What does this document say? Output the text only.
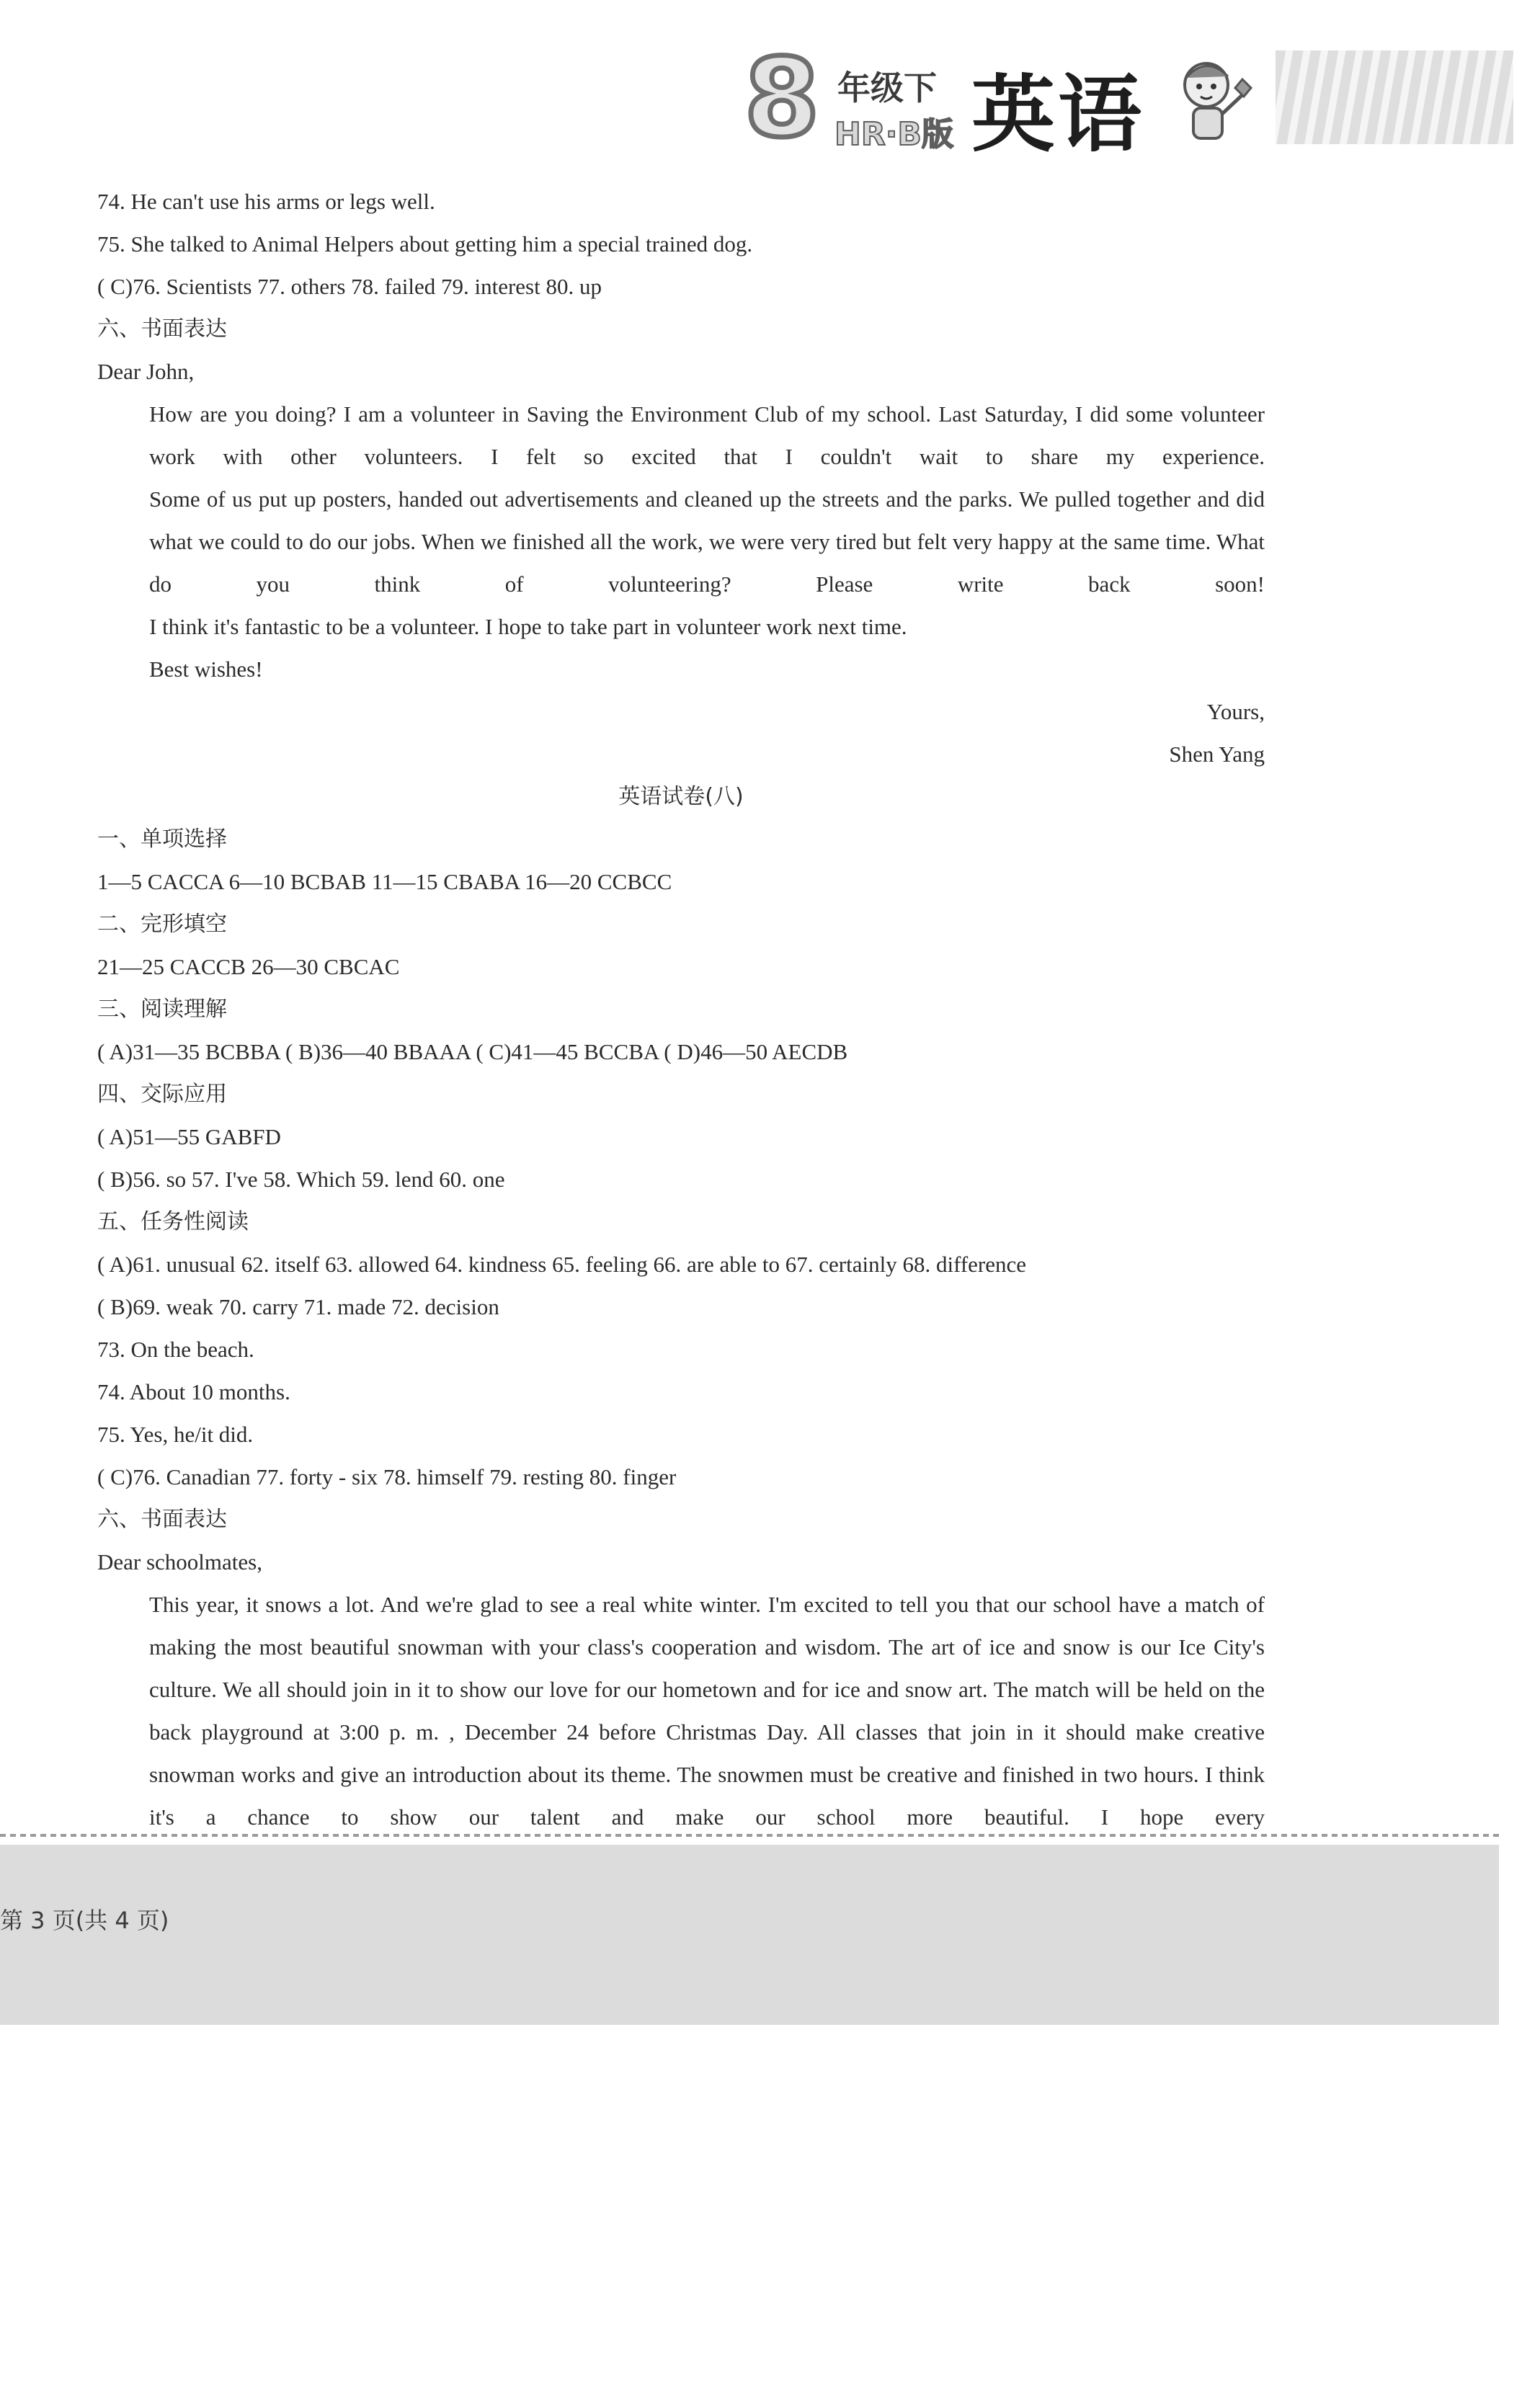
8 年级下
HR·B版 英语
74. He can't use his arms or legs well.
75. She talked to Animal Helpers about getting him a special trained dog.
( C)76. Scientists 77. others 78. failed 79. interest 80. up
六、书面表达
Dear John,
How are you doing? I am a volunteer in Saving the Environment Club of my school. Last Saturday, I did some volunteer work with other volunteers. I felt so excited that I couldn't wait to share my experience.
Some of us put up posters, handed out advertisements and cleaned up the streets and the parks. We pulled together and did what we could to do our jobs. When we finished all the work, we were very tired but felt very happy at the same time. What do you think of volunteering? Please write back soon!
I think it's fantastic to be a volunteer. I hope to take part in volunteer work next time.
Best wishes!
Yours,
Shen Yang
英语试卷(八)
一、单项选择
1—5 CACCA 6—10 BCBAB 11—15 CBABA 16—20 CCBCC
二、完形填空
21—25 CACCB 26—30 CBCAC
三、阅读理解
( A)31—35 BCBBA ( B)36—40 BBAAA ( C)41—45 BCCBA ( D)46—50 AECDB
四、交际应用
( A)51—55 GABFD
( B)56. so 57. I've 58. Which 59. lend 60. one
五、任务性阅读
( A)61. unusual 62. itself 63. allowed 64. kindness 65. feeling 66. are able to 67. certainly 68. difference
( B)69. weak 70. carry 71. made 72. decision
73. On the beach.
74. About 10 months.
75. Yes, he/it did.
( C)76. Canadian 77. forty - six 78. himself 79. resting 80. finger
六、书面表达
Dear schoolmates,
This year, it snows a lot. And we're glad to see a real white winter. I'm excited to tell you that our school have a match of making the most beautiful snowman with your class's cooperation and wisdom. The art of ice and snow is our Ice City's culture. We all should join in it to show our love for our hometown and for ice and snow art. The match will be held on the back playground at 3:00 p. m. , December 24 before Christmas Day. All classes that join in it should make creative snowman works and give an introduction about its theme. The snowmen must be creative and finished in two hours. I think it's a chance to show our talent and make our school more beautiful. I hope every
第 3 页(共 4 页)
